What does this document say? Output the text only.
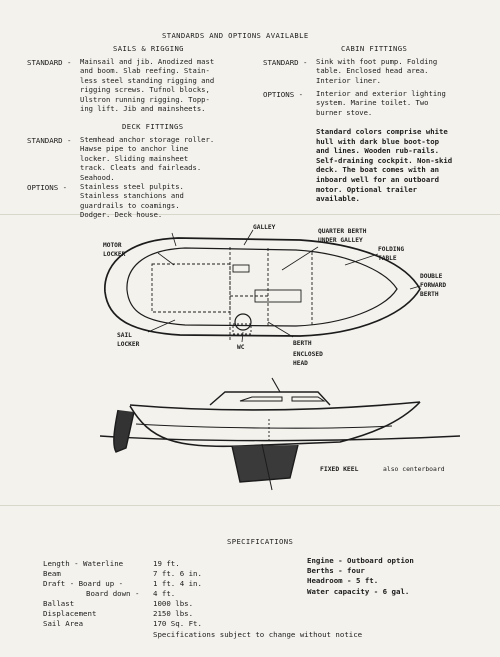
STANDARDS AND OPTIONS AVAILABLE
SAILS & RIGGING
STANDARD - Mainsail and jib. Anodized mast
and boom. Slab reefing. Stain-
less steel standing rigging and
rigging screws. Tufnol blocks,
Ulstron running rigging. Topp-
ing lift. Jib and mainsheets.
DECK FITTINGS
STANDARD - Stemhead anchor storage roller.
Hawse pipe to anchor line
locker. Sliding mainsheet
track. Cleats and fairleads.
Seahood.
OPTIONS - Stainless steel pulpits.
Stainless stanchions and
guardrails to coamings.
Dodger. Deck house.
CABIN FITTINGS
STANDARD - Sink with foot pump. Folding
table. Enclosed head area.
Interior liner.
OPTIONS - Interior and exterior lighting
system. Marine toilet. Two
burner stove.
Standard colors comprise white
hull with dark blue boot-top
and lines. Wooden rub-rails.
Self-draining cockpit. Non-skid
deck. The boat comes with an
inboard well for an outboard
motor. Optional trailer
available.
GALLEY
QUARTER BERTH
UNDER GALLEY
MOTOR
LOCKER
FOLDING
TABLE
DOUBLE
FORWARD
BERTH
SAIL
LOCKER	WC
BERTH
ENCLOSED
HEAD
FIXED KEEL	also centerboard
SPECIFICATIONS
Length - Waterline
Beam
Draft - Board up -
Board down -
Ballast
Displacement
Sail Area
19 ft.
7 ft. 6 in.
1 ft. 4 in.
4 ft.
1000 lbs.
2150 lbs.
170 Sq. Ft.
Engine - Outboard option
Berths - four
Headroom - 5 ft.
Water capacity - 6 gal.
Specifications subject to change without notice
